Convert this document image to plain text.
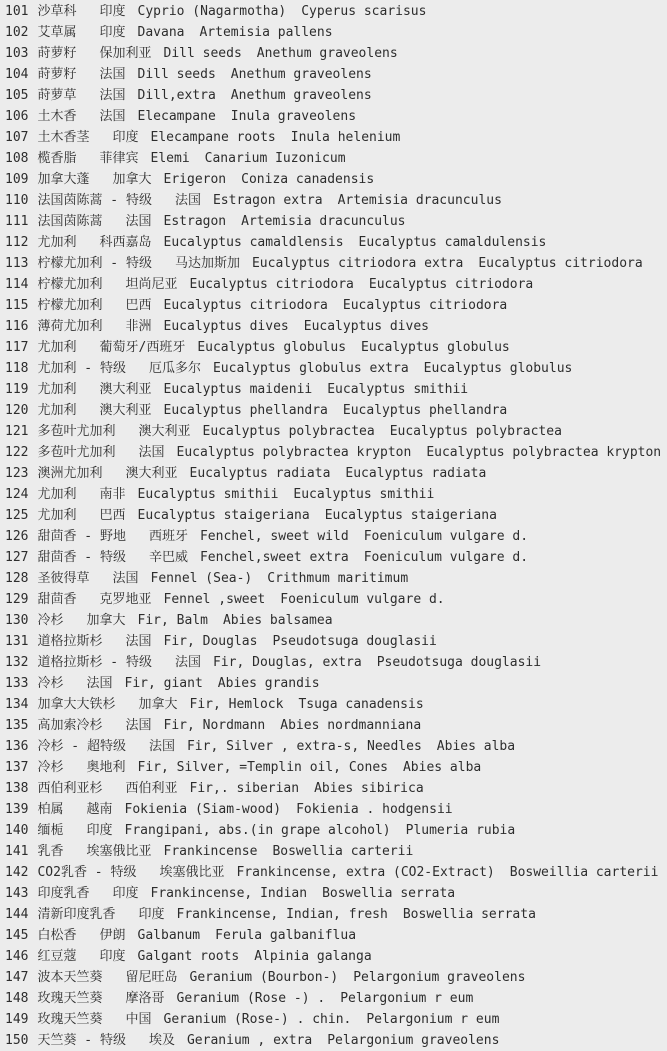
101 沙草科 印度 Cyprio (Nagarmotha) Cyperus scarisus
102 艾草属 印度 Davana Artemisia pallens
103 莳萝籽 保加利亚 Dill seeds Anethum graveolens
104 莳萝籽 法国 Dill seeds Anethum graveolens
105 莳萝草 法国 Dill,extra Anethum graveolens
106 土木香 法国 Elecampane Inula graveolens
107 土木香茎 印度 Elecampane roots Inula helenium
108 榄香脂 菲律宾 Elemi Canarium Iuzonicum
109 加拿大蓬 加拿大 Erigeron Coniza canadensis
110 法国茵陈蒿 - 特级 法国 Estragon extra Artemisia dracunculus
111 法国茵陈蒿 法国 Estragon Artemisia dracunculus
112 尤加利 科西嘉岛 Eucalyptus camaldlensis Eucalyptus camaldulensis
113 柠檬尤加利 - 特级 马达加斯加 Eucalyptus citriodora extra Eucalyptus citriodora
114 柠檬尤加利 坦尚尼亚 Eucalyptus citriodora Eucalyptus citriodora
115 柠檬尤加利 巴西 Eucalyptus citriodora Eucalyptus citriodora
116 薄荷尤加利 非洲 Eucalyptus dives Eucalyptus dives
117 尤加利 葡萄牙/西班牙 Eucalyptus globulus Eucalyptus globulus
118 尤加利 - 特级 厄瓜多尔 Eucalyptus globulus extra Eucalyptus globulus
119 尤加利 澳大利亚 Eucalyptus maidenii Eucalyptus smithii
120 尤加利 澳大利亚 Eucalyptus phellandra Eucalyptus phellandra
121 多苞叶尤加利 澳大利亚 Eucalyptus polybractea Eucalyptus polybractea
122 多苞叶尤加利 法国 Eucalyptus polybractea krypton Eucalyptus polybractea krypton
123 澳洲尤加利 澳大利亚 Eucalyptus radiata Eucalyptus radiata
124 尤加利 南非 Eucalyptus smithii Eucalyptus smithii
125 尤加利 巴西 Eucalyptus staigeriana Eucalyptus staigeriana
126 甜茴香 - 野地 西班牙 Fenchel, sweet wild Foeniculum vulgare d.
127 甜茴香 - 特级 辛巴威 Fenchel,sweet extra Foeniculum vulgare d.
128 圣彼得草 法国 Fennel (Sea-) Crithmum maritimum
129 甜茴香 克罗地亚 Fennel ,sweet Foeniculum vulgare d.
130 冷杉 加拿大 Fir, Balm Abies balsamea
131 道格拉斯杉 法国 Fir, Douglas Pseudotsuga douglasii
132 道格拉斯杉 - 特级 法国 Fir, Douglas, extra Pseudotsuga douglasii
133 冷杉 法国 Fir, giant Abies grandis
134 加拿大大铁杉 加拿大 Fir, Hemlock Tsuga canadensis
135 高加索冷杉 法国 Fir, Nordmann Abies nordmanniana
136 冷杉 - 超特级 法国 Fir, Silver , extra-s, Needles Abies alba
137 冷杉 奥地利 Fir, Silver, =Templin oil, Cones Abies alba
138 西伯利亚杉 西伯利亚 Fir,. siberian Abies sibirica
139 柏属 越南 Fokienia (Siam-wood) Fokienia . hodgensii
140 缅栀 印度 Frangipani, abs.(in grape alcohol) Plumeria rubia
141 乳香 埃塞俄比亚 Frankincense Boswellia carterii
142 CO2乳香 - 特级 埃塞俄比亚 Frankincense, extra (CO2-Extract) Bosweillia carterii
143 印度乳香 印度 Frankincense, Indian Boswellia serrata
144 清新印度乳香 印度 Frankincense, Indian, fresh Boswellia serrata
145 白松香 伊朗 Galbanum Ferula galbaniflua
146 红豆蔻 印度 Galgant roots Alpinia galanga
147 波本天竺葵 留尼旺岛 Geranium (Bourbon-) Pelargonium graveolens
148 玫瑰天竺葵 摩洛哥 Geranium (Rose -) . Pelargonium r eum
149 玫瑰天竺葵 中国 Geranium (Rose-) . chin. Pelargonium r eum
150 天竺葵 - 特级 埃及 Geranium , extra Pelargonium graveolens
